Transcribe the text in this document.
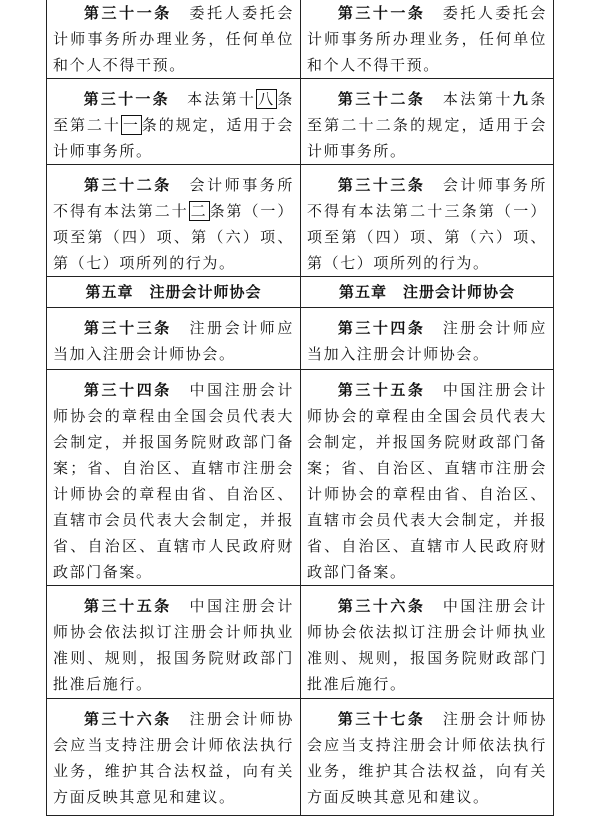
第三十一条　 委托人委托会计师事务所办理业务，任何单位和个人不得干预。	第三十一条　 委托人委托会计师事务所办理业务，任何单位和个人不得干预。
第三十一条　 本法第十 八 条至第二十 一 条的规定，适用于会计师事务所。	第三十二条　 本法第十九条至第二十二条的规定，适用于会计师事务所。
第三十二条　 会计师事务所不得有本法第二十 二 条第（一）项至第（四）项、第（六）项、第（七）项所列的行为。	第三十三条　 会计师事务所不得有本法第二十三条第（一）项至第（四）项、第（六）项、第（七）项所列的行为。
第五章　注册会计师协会	第五章　注册会计师协会
第三十三条　 注册会计师应当加入注册会计师协会。	第三十四条　 注册会计师应当加入注册会计师协会。
第三十四条　 中国注册会计师协会的章程由全国会员代表大会制定，并报国务院财政部门备案；省、自治区、直辖市注册会计师协会的章程由省、自治区、直辖市会员代表大会制定，并报省、自治区、直辖市人民政府财政部门备案。	第三十五条　 中国注册会计师协会的章程由全国会员代表大会制定，并报国务院财政部门备案；省、自治区、直辖市注册会计师协会的章程由省、自治区、直辖市会员代表大会制定，并报省、自治区、直辖市人民政府财政部门备案。
第三十五条　 中国注册会计师协会依法拟订注册会计师执业准则、规则，报国务院财政部门批准后施行。	第三十六条　 中国注册会计师协会依法拟订注册会计师执业准则、规则，报国务院财政部门批准后施行。
第三十六条　 注册会计师协会应当支持注册会计师依法执行业务，维护其合法权益，向有关方面反映其意见和建议。	第三十七条　 注册会计师协会应当支持注册会计师依法执行业务，维护其合法权益，向有关方面反映其意见和建议。
